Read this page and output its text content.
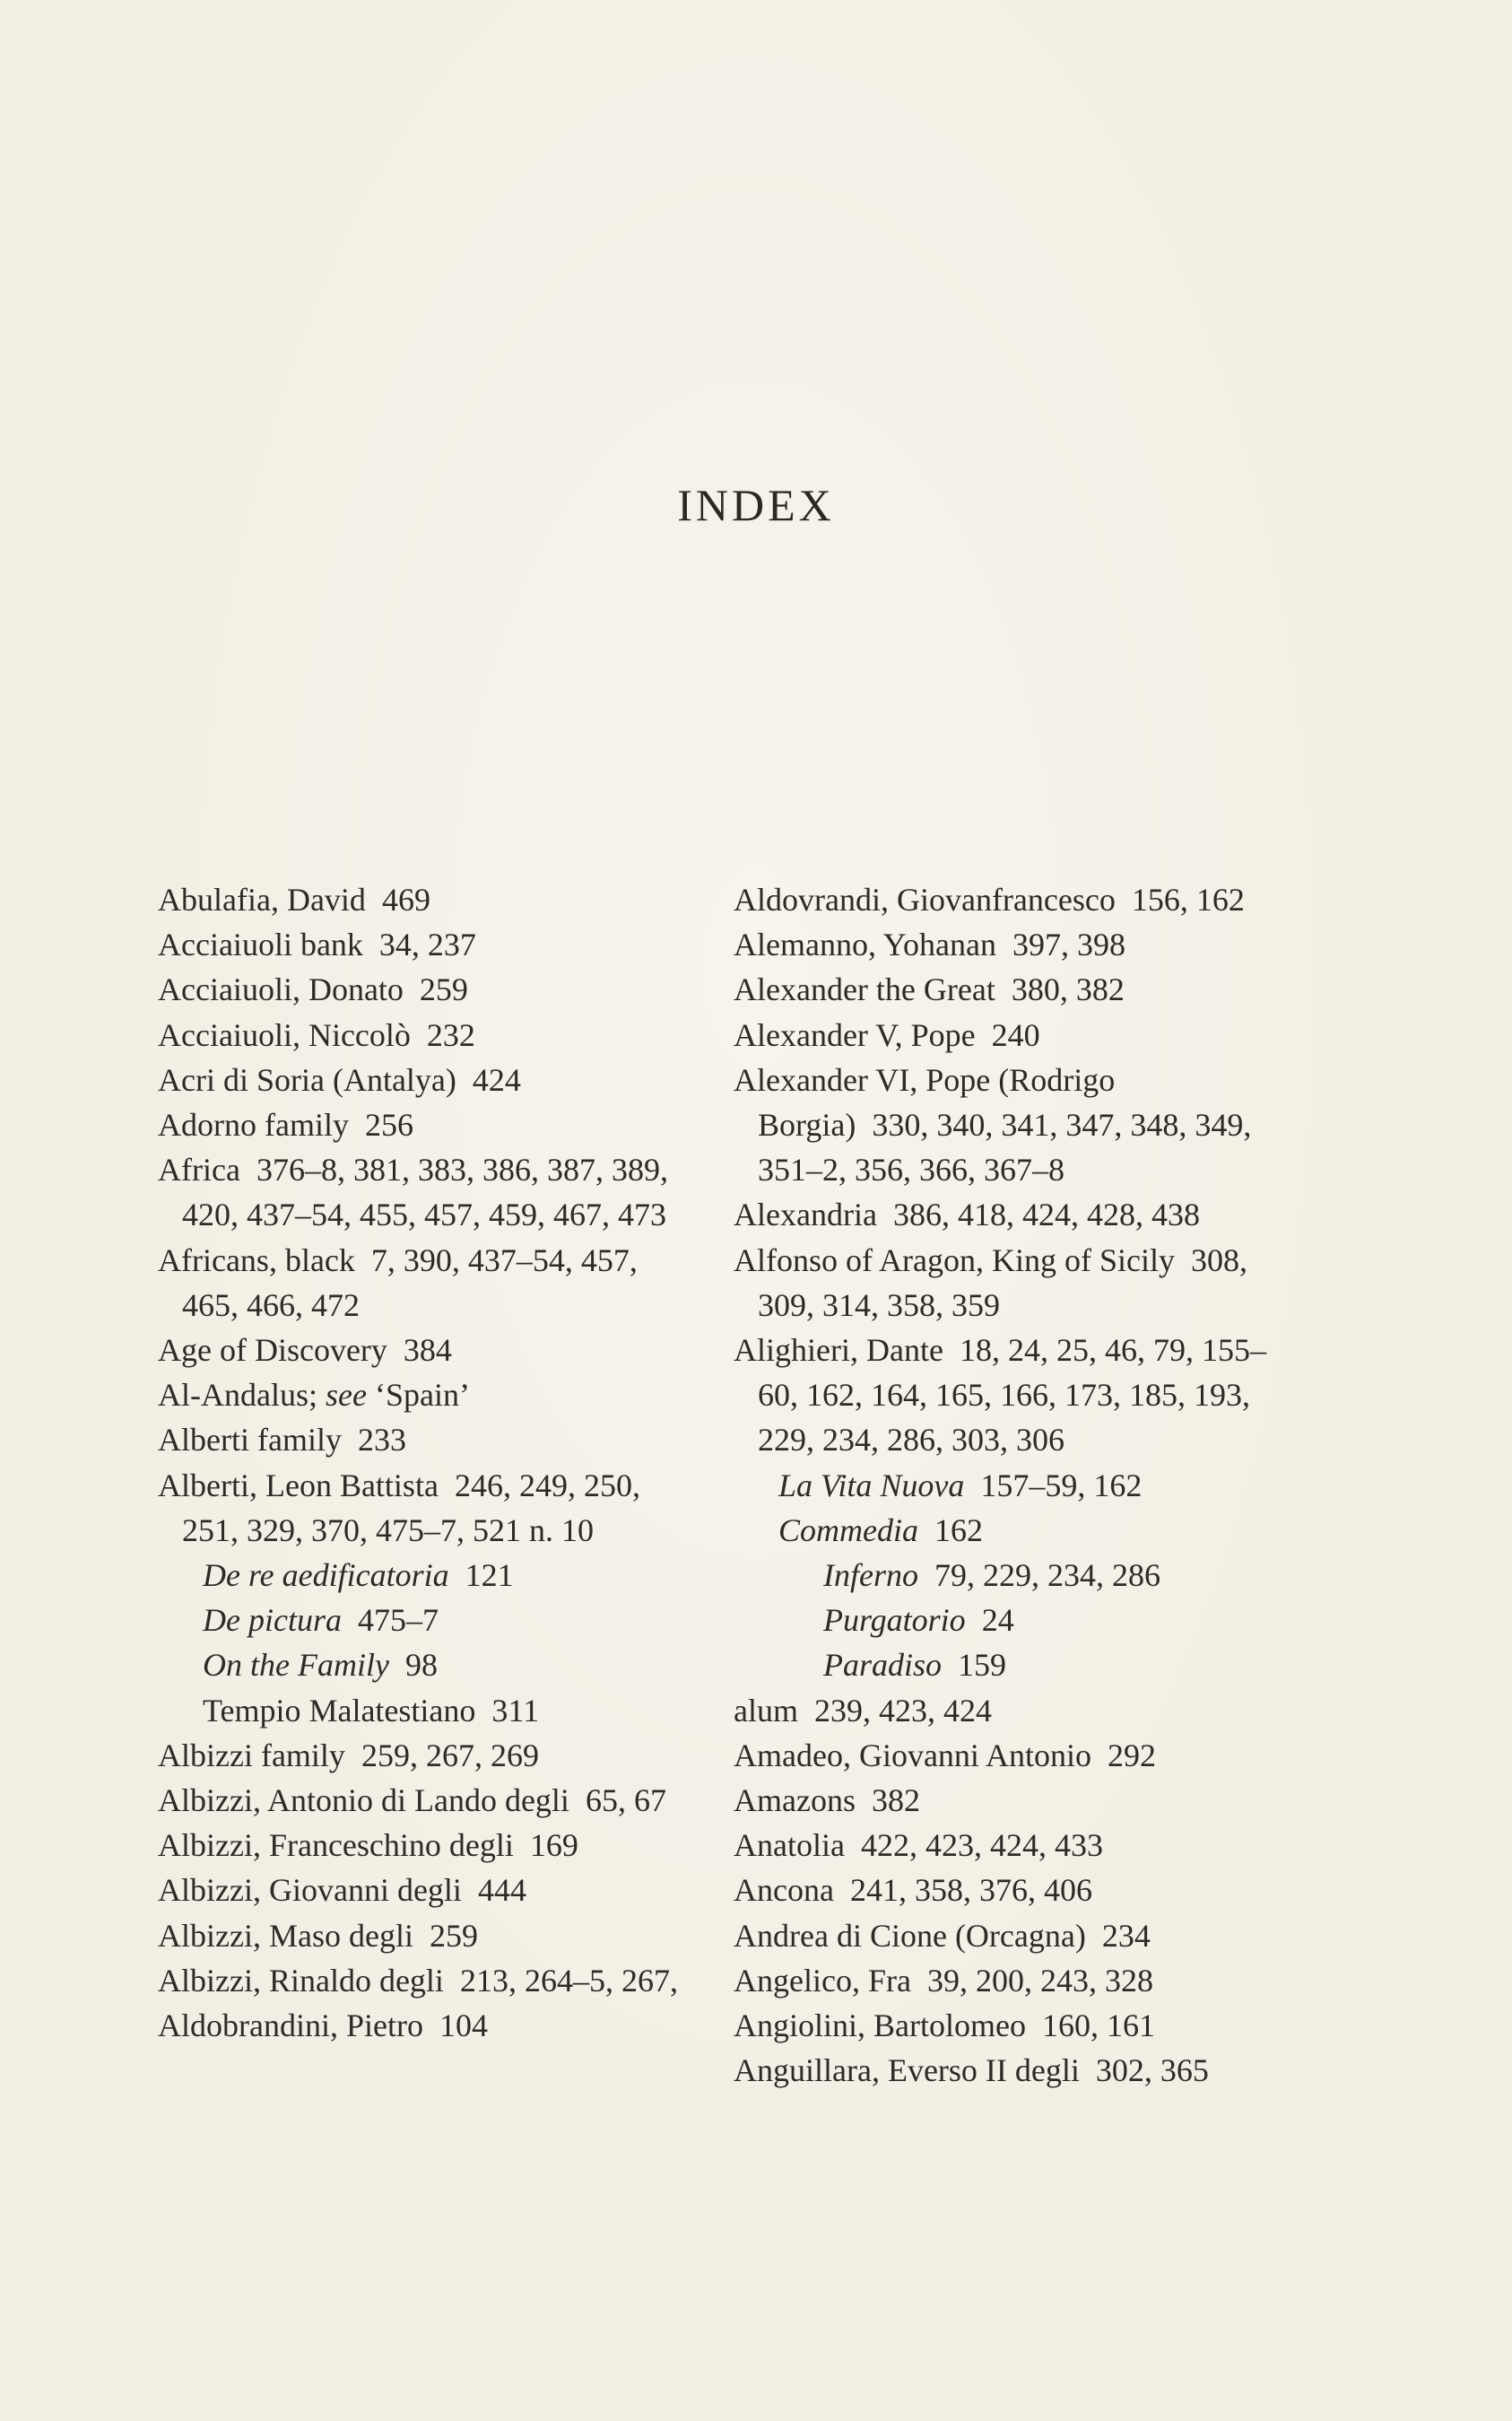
INDEX

Abulafia, David 469

Acciaiuoli bank 34, 237

Acciaiuoli, Donato 259

Acciaiuoli, Niccolò 232

Acri di Soria (Antalya) 424

Adorno family 256

Africa 376–8, 381, 383, 386, 387, 389, 420, 437–54, 455, 457, 459, 467, 473

Africans, black 7, 390, 437–54, 457, 465, 466, 472

Age of Discovery 384

Al-Andalus; see ‘Spain’

Alberti family 233

Alberti, Leon Battista 246, 249, 250, 251, 329, 370, 475–7, 521 n. 10

De re aedificatoria 121

De pictura 475–7

On the Family 98

Tempio Malatestiano 311

Albizzi family 259, 267, 269

Albizzi, Antonio di Lando degli 65, 67

Albizzi, Franceschino degli 169

Albizzi, Giovanni degli 444

Albizzi, Maso degli 259

Albizzi, Rinaldo degli 213, 264–5, 267,

Aldobrandini, Pietro 104

Aldovrandi, Giovanfrancesco 156, 162

Alemanno, Yohanan 397, 398

Alexander the Great 380, 382

Alexander V, Pope 240

Alexander VI, Pope (Rodrigo Borgia) 330, 340, 341, 347, 348, 349, 351–2, 356, 366, 367–8

Alexandria 386, 418, 424, 428, 438

Alfonso of Aragon, King of Sicily 308, 309, 314, 358, 359

Alighieri, Dante 18, 24, 25, 46, 79, 155–60, 162, 164, 165, 166, 173, 185, 193, 229, 234, 286, 303, 306

La Vita Nuova 157–59, 162

Commedia 162

Inferno 79, 229, 234, 286

Purgatorio 24

Paradiso 159

alum 239, 423, 424

Amadeo, Giovanni Antonio 292

Amazons 382

Anatolia 422, 423, 424, 433

Ancona 241, 358, 376, 406

Andrea di Cione (Orcagna) 234

Angelico, Fra 39, 200, 243, 328

Angiolini, Bartolomeo 160, 161

Anguillara, Everso II degli 302, 365
